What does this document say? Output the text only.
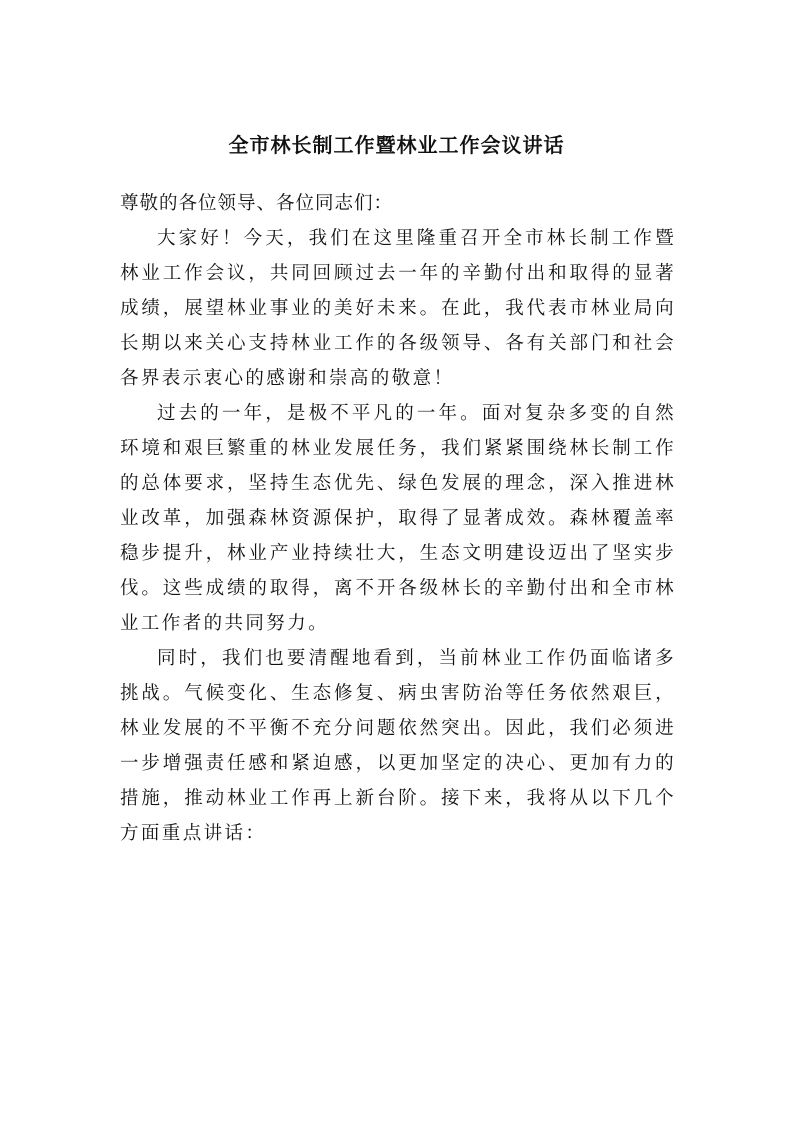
全市林长制工作暨林业工作会议讲话

尊敬的各位领导、各位同志们：

大家好！今天，我们在这里隆重召开全市林长制工作暨林业工作会议，共同回顾过去一年的辛勤付出和取得的显著成绩，展望林业事业的美好未来。在此，我代表市林业局向长期以来关心支持林业工作的各级领导、各有关部门和社会各界表示衷心的感谢和崇高的敬意！

过去的一年，是极不平凡的一年。面对复杂多变的自然环境和艰巨繁重的林业发展任务，我们紧紧围绕林长制工作的总体要求，坚持生态优先、绿色发展的理念，深入推进林业改革，加强森林资源保护，取得了显著成效。森林覆盖率稳步提升，林业产业持续壮大，生态文明建设迈出了坚实步伐。这些成绩的取得，离不开各级林长的辛勤付出和全市林业工作者的共同努力。

同时，我们也要清醒地看到，当前林业工作仍面临诸多挑战。气候变化、生态修复、病虫害防治等任务依然艰巨，林业发展的不平衡不充分问题依然突出。因此，我们必须进一步增强责任感和紧迫感，以更加坚定的决心、更加有力的措施，推动林业工作再上新台阶。接下来，我将从以下几个方面重点讲话：
